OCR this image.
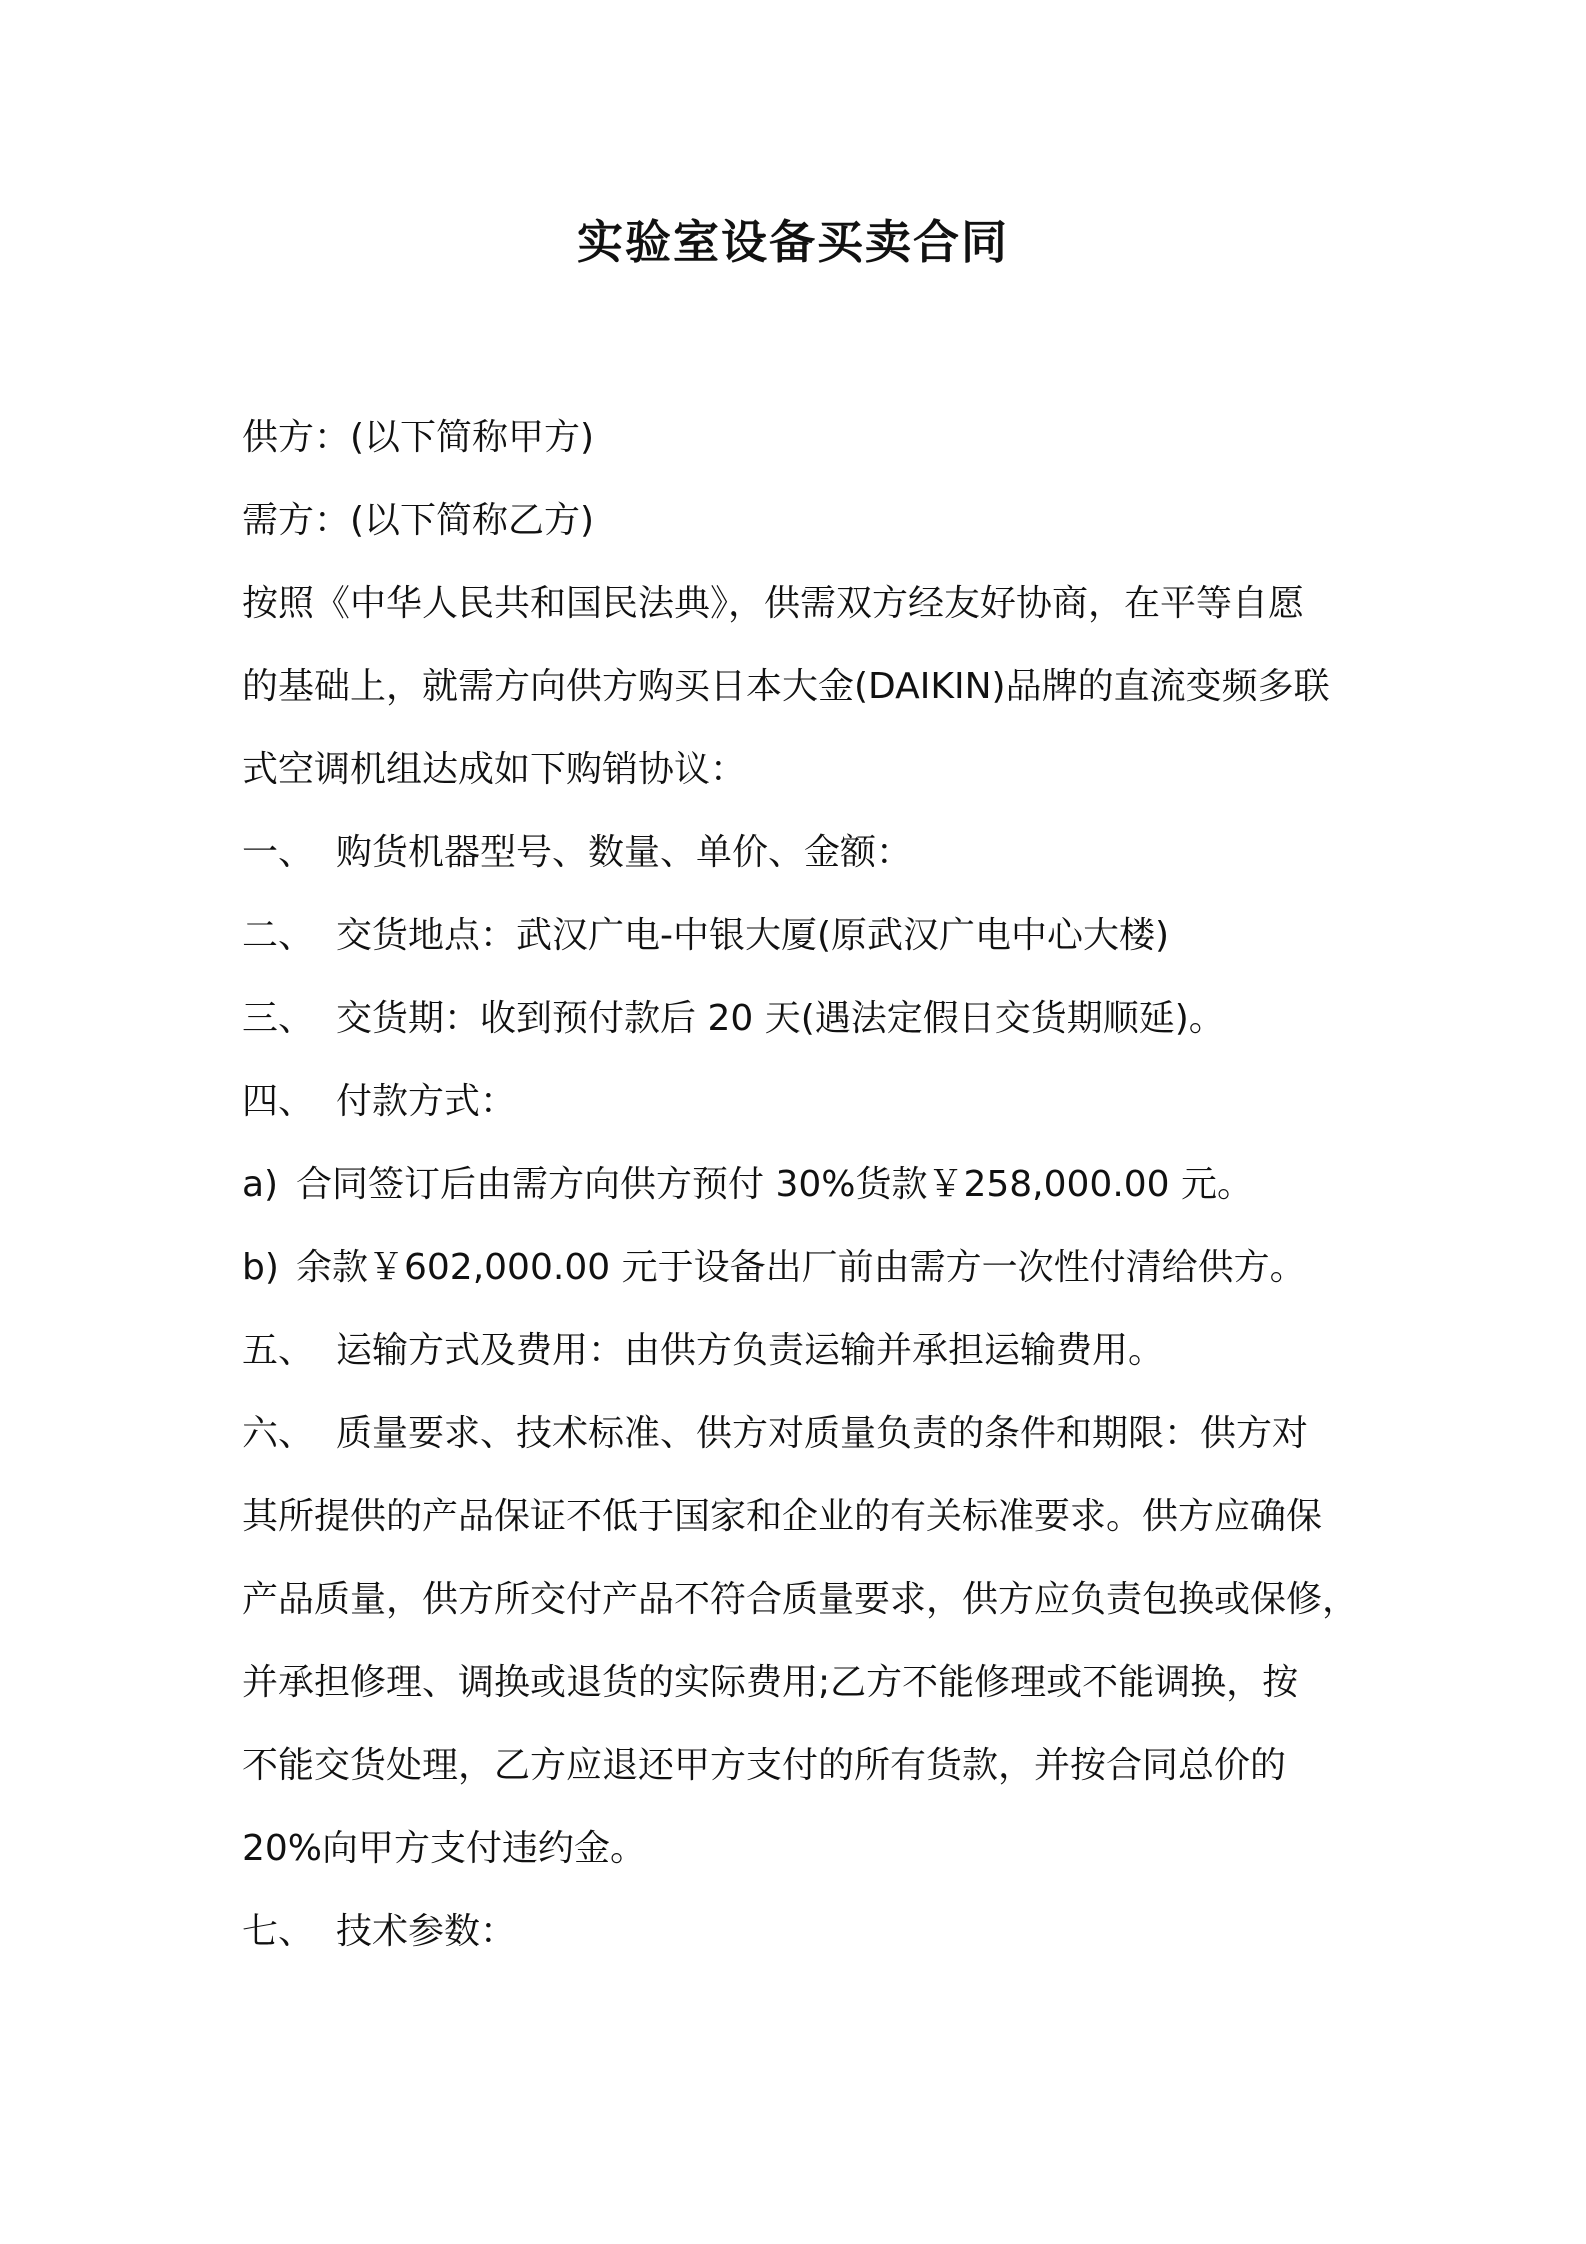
实验室设备买卖合同
供方：(以下简称甲方)
需方：(以下简称乙方)
按照《中华人民共和国民法典》，供需双方经友好协商，在平等自愿
的基础上，就需方向供方购买日本大金(DAIKIN)品牌的直流变频多联
式空调机组达成如下购销协议：
一、 购货机器型号、数量、单价、金额：
二、 交货地点：武汉广电-中银大厦(原武汉广电中心大楼)
三、 交货期：收到预付款后 20 天(遇法定假日交货期顺延)。
四、 付款方式：
a) 合同签订后由需方向供方预付 30%货款￥258,000.00 元。
b) 余款￥602,000.00 元于设备出厂前由需方一次性付清给供方。
五、 运输方式及费用：由供方负责运输并承担运输费用。
六、 质量要求、技术标准、供方对质量负责的条件和期限：供方对
其所提供的产品保证不低于国家和企业的有关标准要求。供方应确保
产品质量，供方所交付产品不符合质量要求，供方应负责包换或保修，
并承担修理、调换或退货的实际费用;乙方不能修理或不能调换，按
不能交货处理，乙方应退还甲方支付的所有货款，并按合同总价的
20%向甲方支付违约金。
七、 技术参数：
